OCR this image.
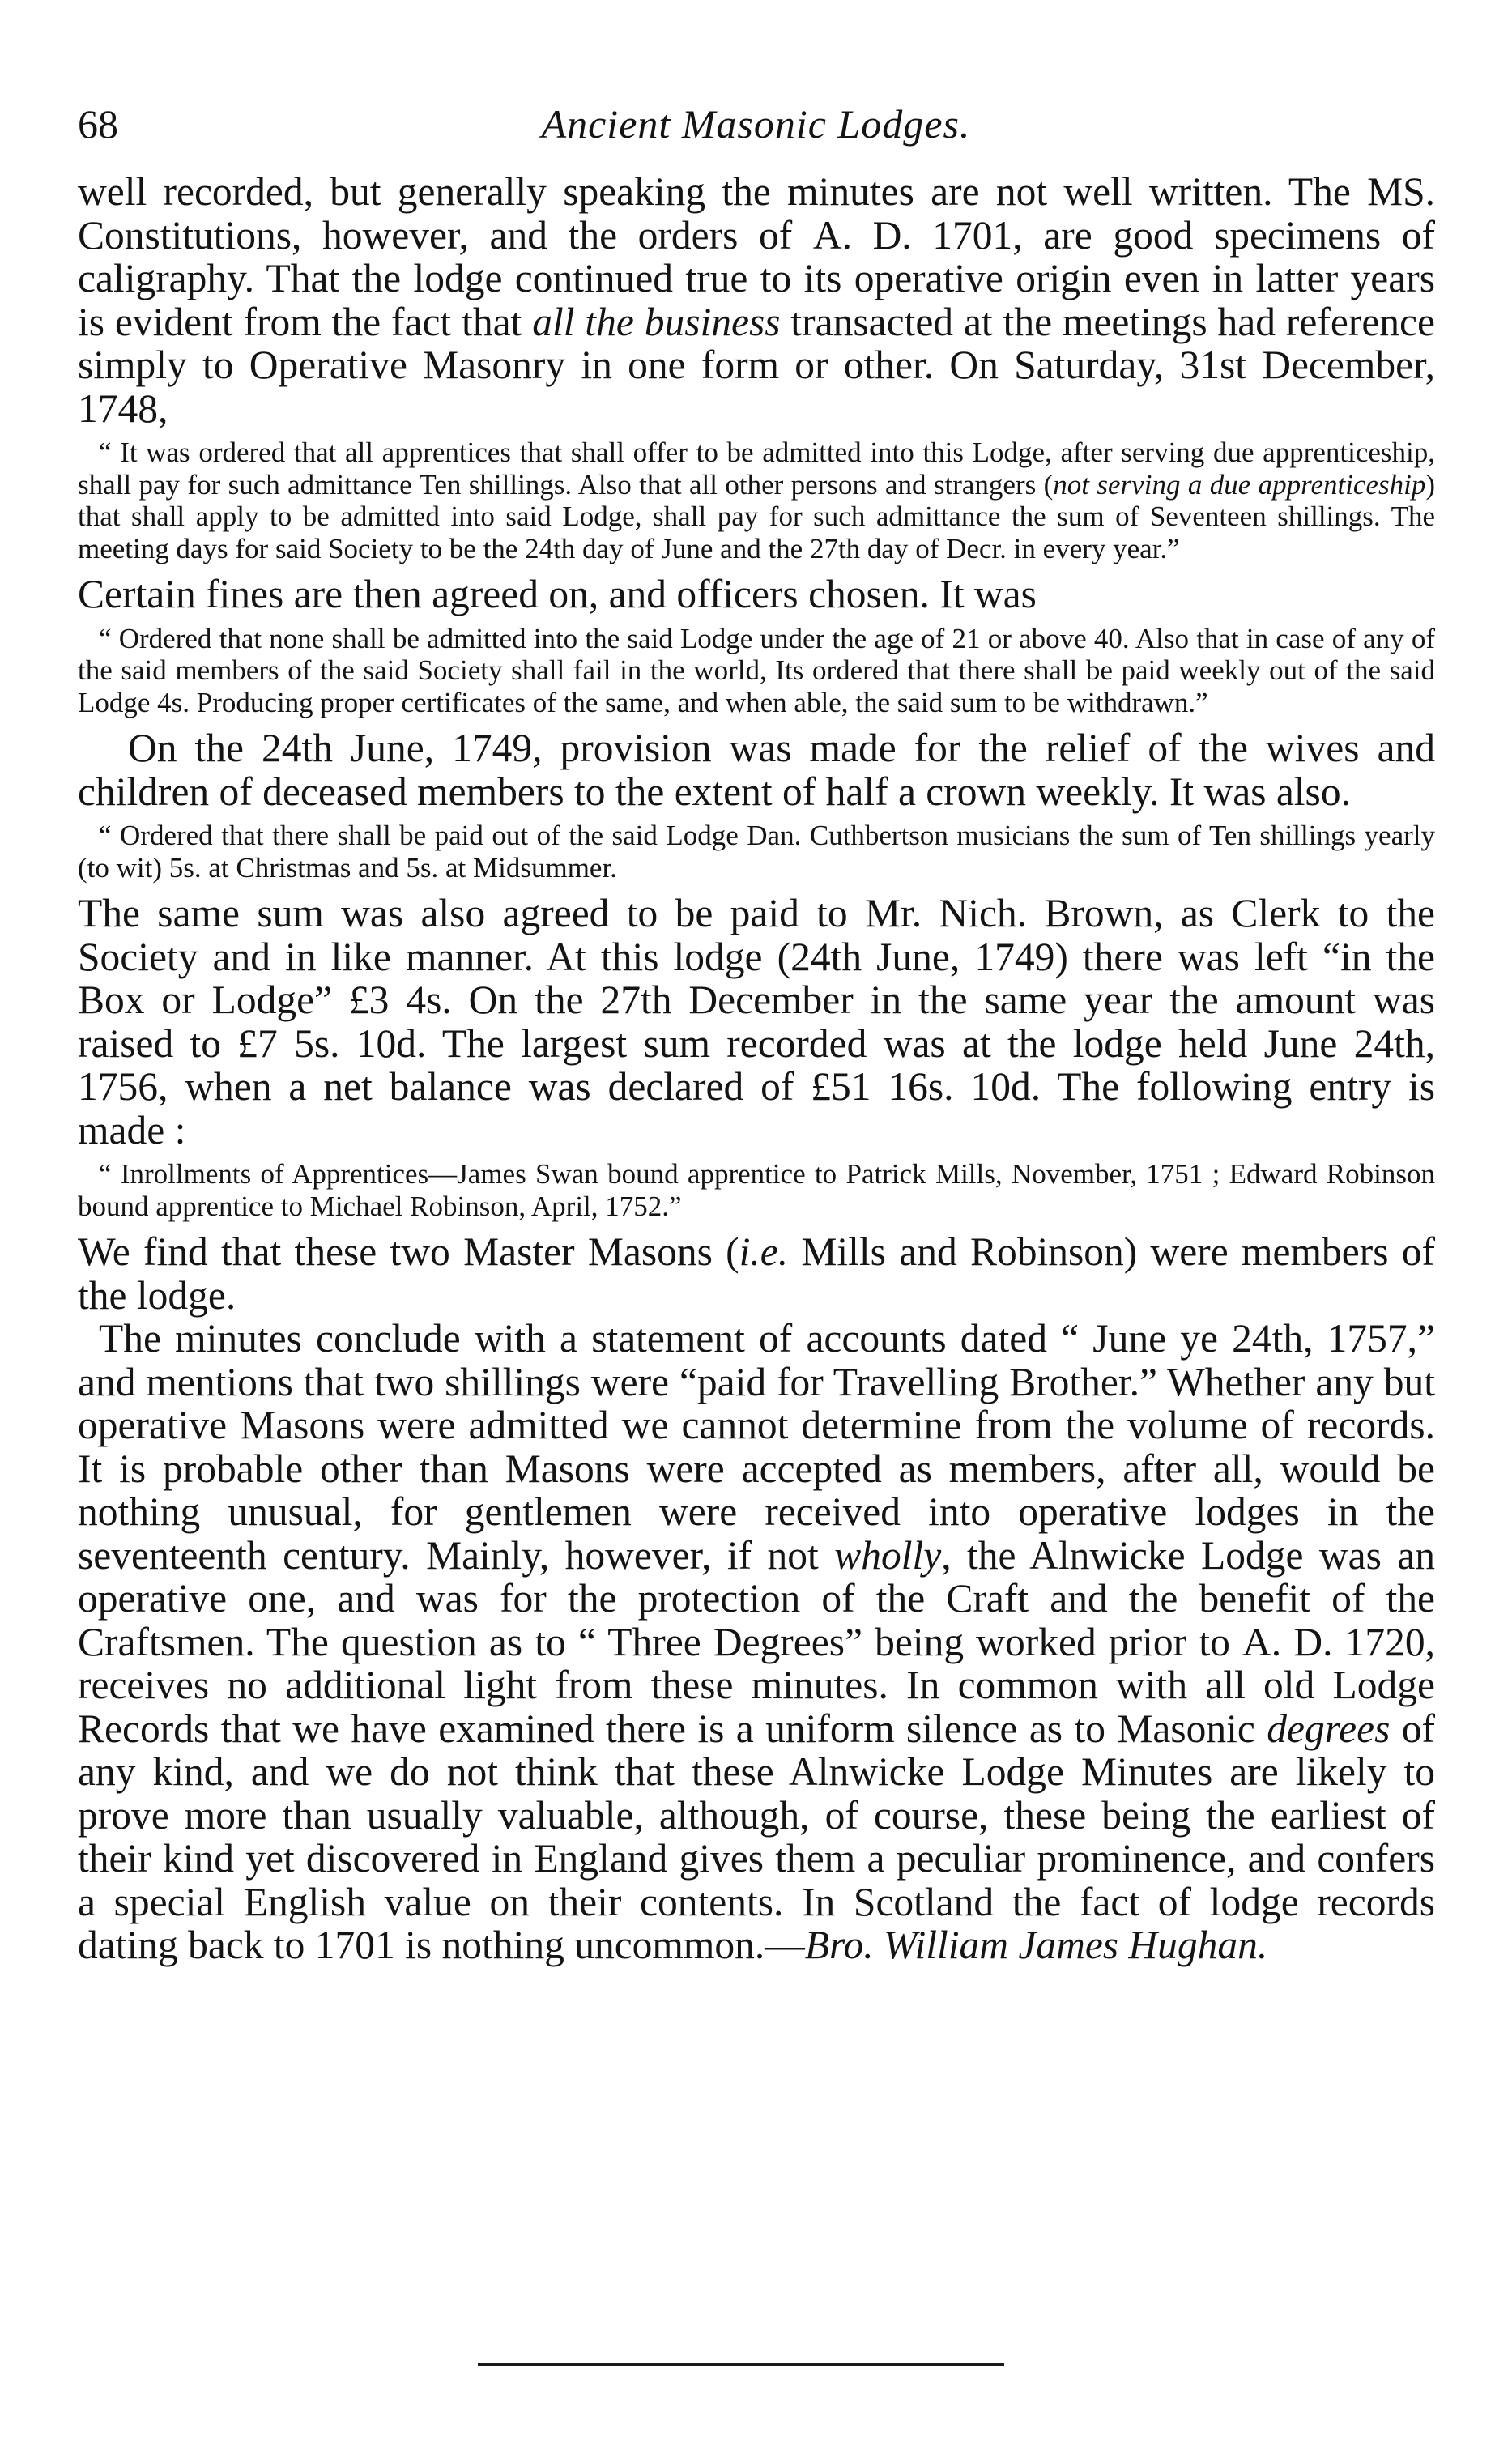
68	Ancient Masonic Lodges.

well recorded, but generally speaking the minutes are not well written. The MS. Constitutions, however, and the orders of A. D. 1701, are good specimens of caligraphy. That the lodge continued true to its operative origin even in latter years is evident from the fact that all the business transacted at the meetings had reference simply to Operative Masonry in one form or other. On Saturday, 31st December, 1748,

“ It was ordered that all apprentices that shall offer to be admitted into this Lodge, after serving due apprenticeship, shall pay for such admittance Ten shillings. Also that all other persons and strangers (not serving a due apprenticeship) that shall apply to be admitted into said Lodge, shall pay for such admittance the sum of Seventeen shillings. The meeting days for said Society to be the 24th day of June and the 27th day of Decr. in every year.”

Certain fines are then agreed on, and officers chosen. It was

“ Ordered that none shall be admitted into the said Lodge under the age of 21 or above 40. Also that in case of any of the said members of the said Society shall fail in the world, Its ordered that there shall be paid weekly out of the said Lodge 4s. Producing proper certificates of the same, and when able, the said sum to be withdrawn.”

On the 24th June, 1749, provision was made for the relief of the wives and children of deceased members to the extent of half a crown weekly. It was also.

“ Ordered that there shall be paid out of the said Lodge Dan. Cuthbertson musicians the sum of Ten shillings yearly (to wit) 5s. at Christmas and 5s. at Midsummer.

The same sum was also agreed to be paid to Mr. Nich. Brown, as Clerk to the Society and in like manner. At this lodge (24th June, 1749) there was left “in the Box or Lodge” £3 4s. On the 27th December in the same year the amount was raised to £7 5s. 10d. The largest sum recorded was at the lodge held June 24th, 1756, when a net balance was declared of £51 16s. 10d. The following entry is made :

“ Inrollments of Apprentices—James Swan bound apprentice to Patrick Mills, November, 1751 ; Edward Robinson bound apprentice to Michael Robinson, April, 1752.”

We find that these two Master Masons (i.e. Mills and Robinson) were members of the lodge.

The minutes conclude with a statement of accounts dated “ June ye 24th, 1757,” and mentions that two shillings were “paid for Travelling Brother.” Whether any but operative Masons were admitted we cannot determine from the volume of records. It is probable other than Masons were accepted as members, after all, would be nothing unusual, for gentlemen were received into operative lodges in the seventeenth century. Mainly, however, if not wholly, the Alnwicke Lodge was an operative one, and was for the protection of the Craft and the benefit of the Craftsmen. The question as to “ Three Degrees” being worked prior to A. D. 1720, receives no additional light from these minutes. In common with all old Lodge Records that we have examined there is a uniform silence as to Masonic degrees of any kind, and we do not think that these Alnwicke Lodge Minutes are likely to prove more than usually valuable, although, of course, these being the earliest of their kind yet discovered in England gives them a peculiar prominence, and confers a special English value on their contents. In Scotland the fact of lodge records dating back to 1701 is nothing uncommon.—Bro. William James Hughan.
